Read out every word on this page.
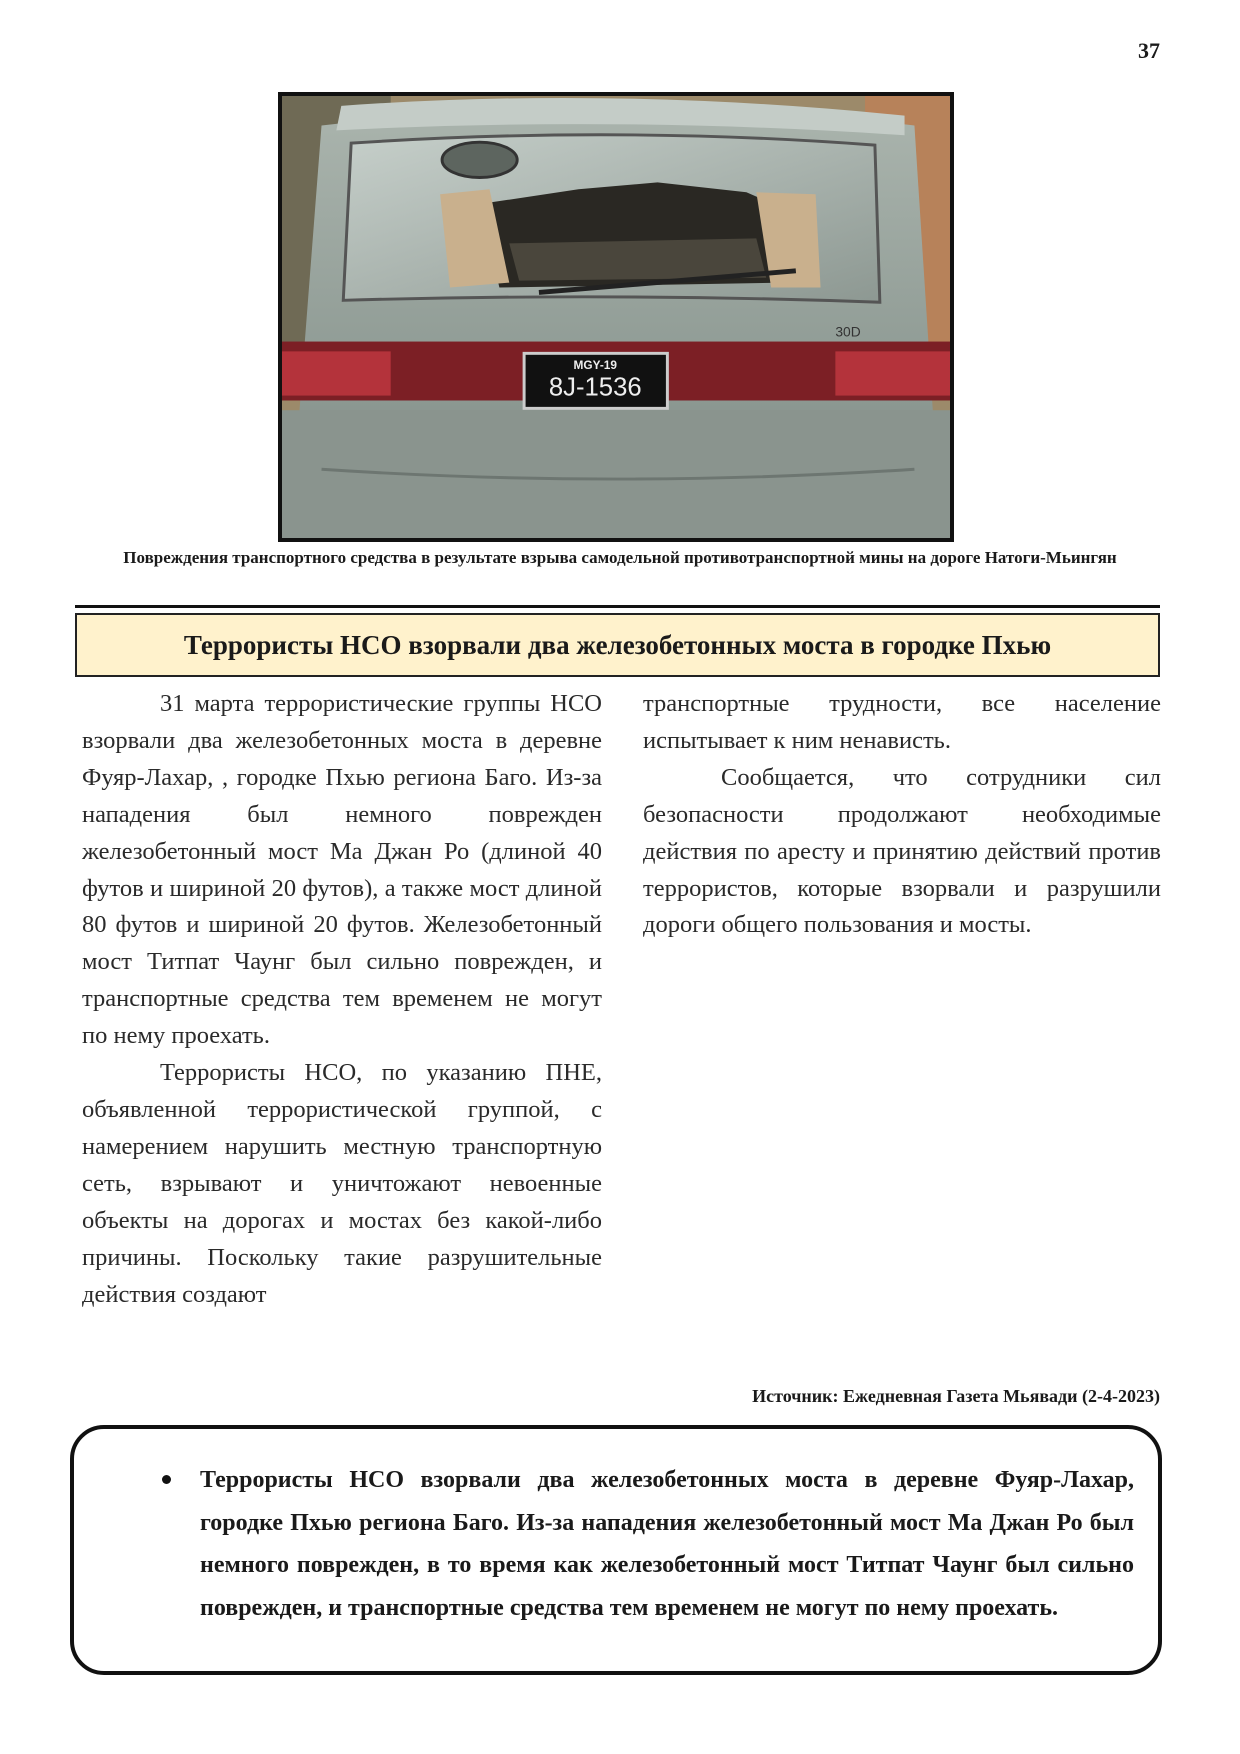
37
30D
MGY-19
8J-1536
Повреждения транспортного средства в результате взрыва самодельной противотранспортной мины на дороге Натоги-Мьингян
Террористы НСО взорвали два железобетонных моста в городке Пхью

31 марта террористические группы НСО взорвали два железобетонных моста в деревне Фуяр-Лахар, , городке Пхью региона Баго. Из-за нападения был немного поврежден железобетонный мост Ма Джан Ро (длиной 40 футов и шириной 20 футов), а также мост длиной 80 футов и шириной 20 футов. Железобетонный мост Титпат Чаунг был сильно поврежден, и транспортные средства тем временем не могут по нему проехать.

Террористы НСО, по указанию ПНЕ, объявленной террористической группой, с намерением нарушить местную транспортную сеть, взрывают и уничтожают невоенные объекты на дорогах и мостах без какой-либо причины. Поскольку такие разрушительные действия создают

транспортные трудности, все население испытывает к ним ненависть.

Сообщается, что сотрудники сил безопасности продолжают необходимые действия по аресту и принятию действий против террористов, которые взорвали и разрушили дороги общего пользования и мосты.

Источник: Ежедневная Газета Мьявади (2-4-2023)
Террористы НСО взорвали два железобетонных моста в деревне Фуяр-Лахар, городке Пхью региона Баго. Из-за нападения железобетонный мост Ма Джан Ро был немного поврежден, в то время как железобетонный мост Титпат Чаунг был сильно поврежден, и транспортные средства тем временем не могут по нему проехать.
